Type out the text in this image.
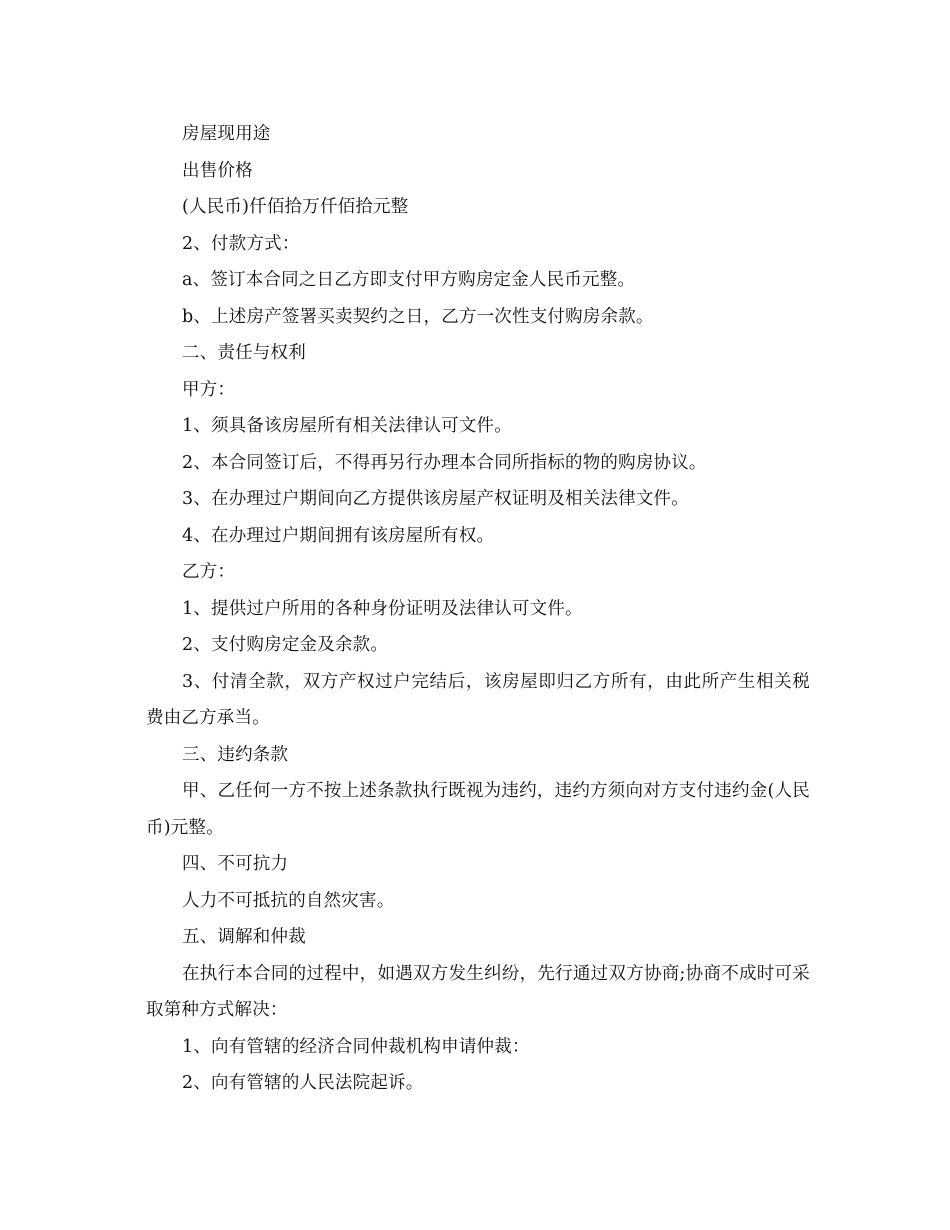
房屋现用途

出售价格

(人民币)仟佰拾万仟佰拾元整

2、付款方式：

a、签订本合同之日乙方即支付甲方购房定金人民币元整。

b、上述房产签署买卖契约之日，乙方一次性支付购房余款。

二、责任与权利

甲方：

1、须具备该房屋所有相关法律认可文件。

2、本合同签订后，不得再另行办理本合同所指标的物的购房协议。

3、在办理过户期间向乙方提供该房屋产权证明及相关法律文件。

4、在办理过户期间拥有该房屋所有权。

乙方：

1、提供过户所用的各种身份证明及法律认可文件。

2、支付购房定金及余款。

3、付清全款，双方产权过户完结后，该房屋即归乙方所有，由此所产生相关税费由乙方承当。

三、违约条款

甲、乙任何一方不按上述条款执行既视为违约，违约方须向对方支付违约金(人民币)元整。

四、不可抗力

人力不可抵抗的自然灾害。

五、调解和仲裁

在执行本合同的过程中，如遇双方发生纠纷，先行通过双方协商;协商不成时可采取第种方式解决：

1、向有管辖的经济合同仲裁机构申请仲裁：

2、向有管辖的人民法院起诉。
